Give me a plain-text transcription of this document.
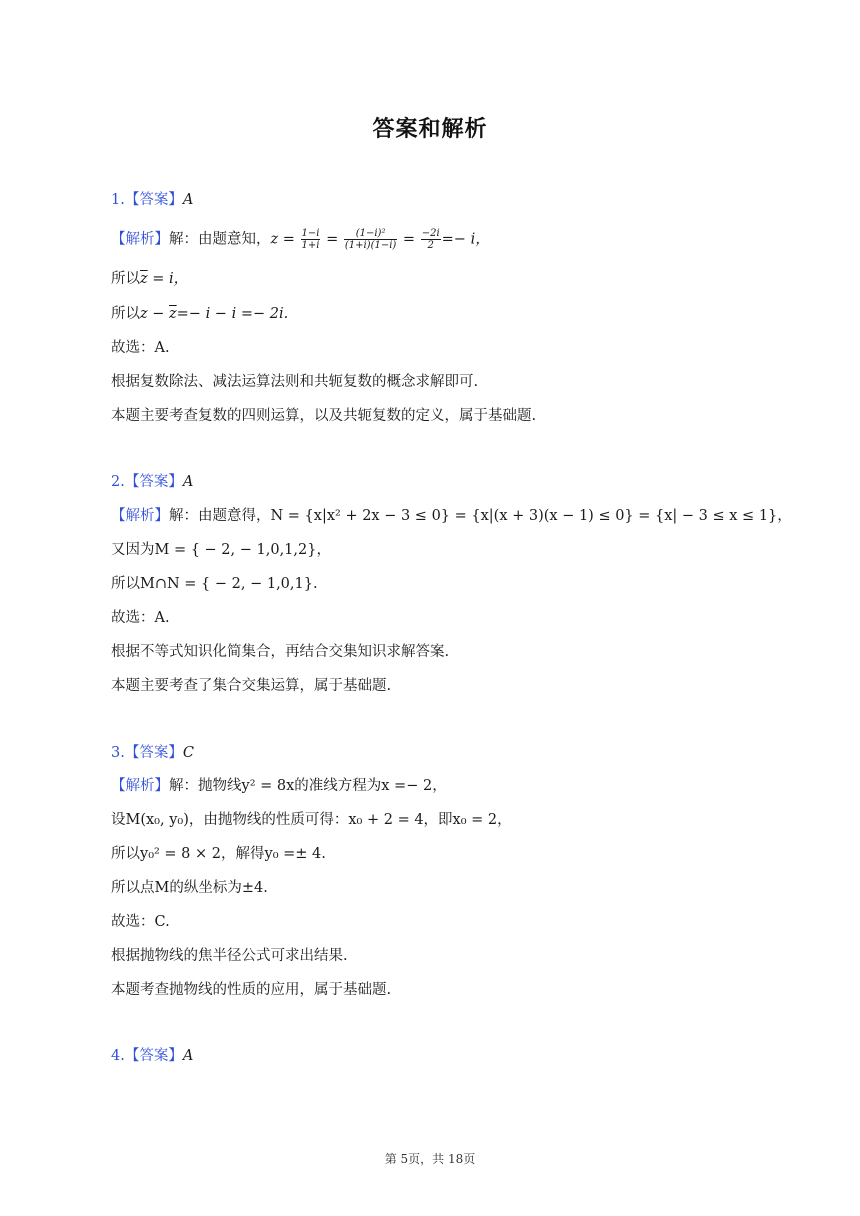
答案和解析
1.【答案】A
【解析】解：由题意知，$z = \frac{1-i}{1+i} = \frac{\text{(1−i)²}}{(1+i)(1-i)} = \frac{-2i}{2} =- i$，
所以$\overline{z} = i$，
所以$z - \overline{z}=- i - i =- 2i$.
故选：A.
根据复数除法、减法运算法则和共轭复数的概念求解即可.
本题主要考查复数的四则运算，以及共轭复数的定义，属于基础题.
2.【答案】A
【解析】解：由题意得，N = {x|x² + 2x − 3 ≤ 0} = {x|(x + 3)(x − 1) ≤ 0} = {x| − 3 ≤ x ≤ 1}，
又因为M = { − 2, − 1,0,1,2}，
所以M∩N = { − 2, − 1,0,1}.
故选：A.
根据不等式知识化简集合，再结合交集知识求解答案.
本题主要考查了集合交集运算，属于基础题.
3.【答案】C
【解析】解：抛物线y² = 8x的准线方程为x =− 2，
设M(x₀, y₀)，由抛物线的性质可得：x₀ + 2 = 4，即x₀ = 2，
所以y₀² = 8 × 2，解得y₀ =± 4.
所以点M的纵坐标为±4.
故选：C.
根据抛物线的焦半径公式可求出结果.
本题考查抛物线的性质的应用，属于基础题.
4.【答案】A
第 5页，共 18页
